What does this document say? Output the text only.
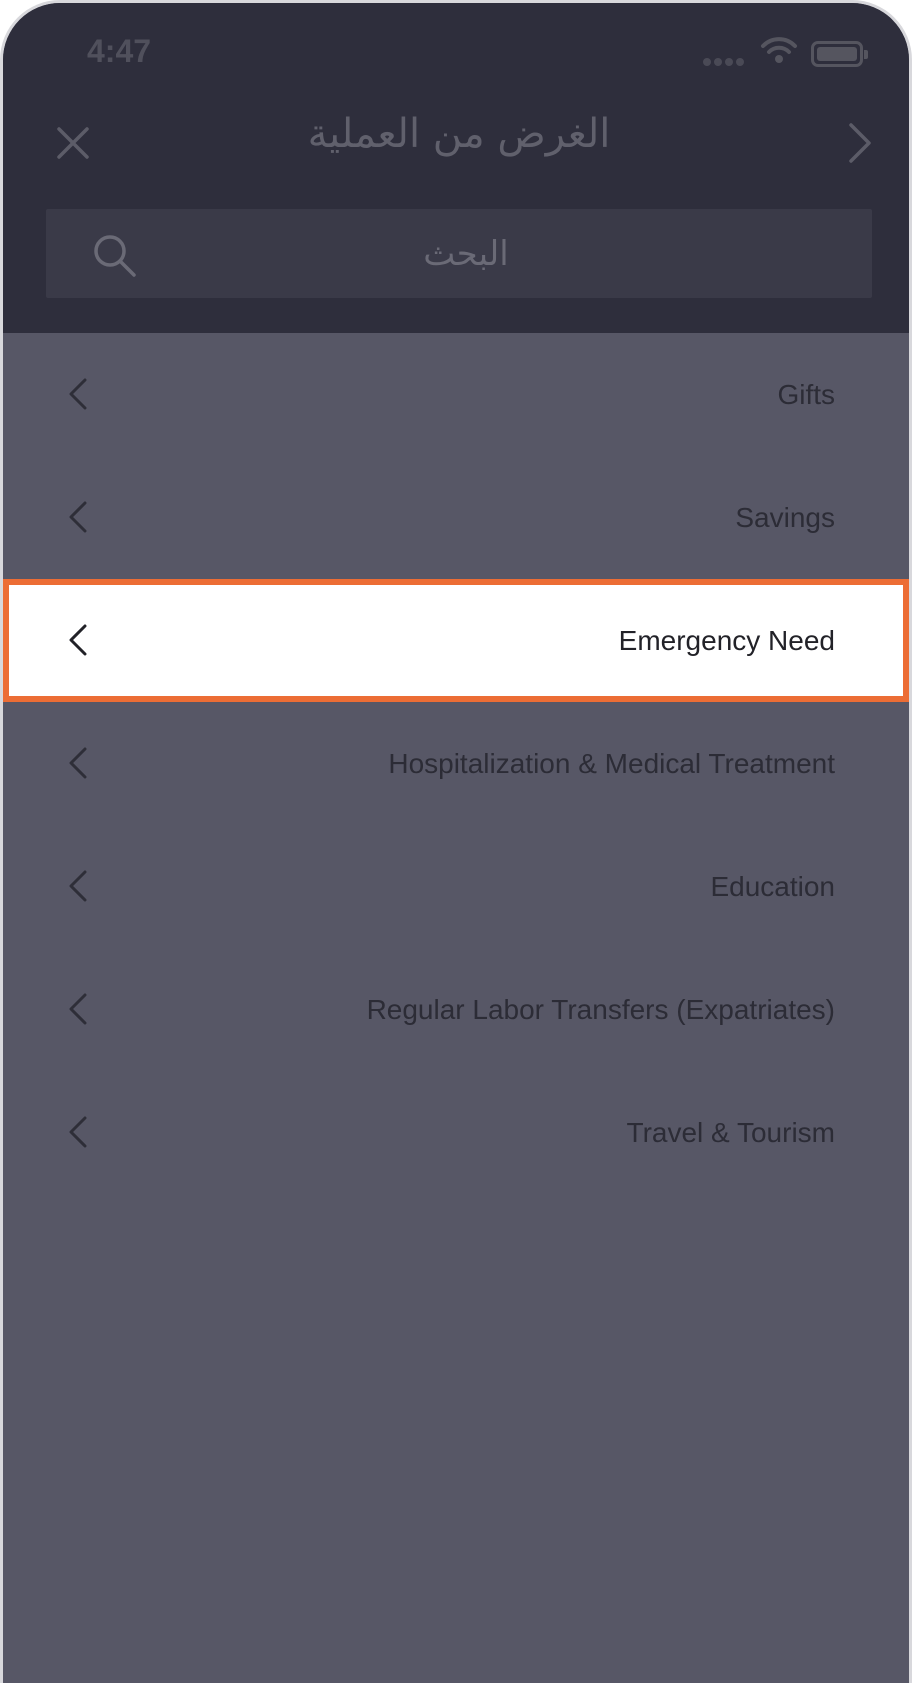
4:47
الغرض من العملية
البحث
Gifts
Savings
Emergency Need
Hospitalization & Medical Treatment
Education
Regular Labor Transfers (Expatriates)
Travel & Tourism
